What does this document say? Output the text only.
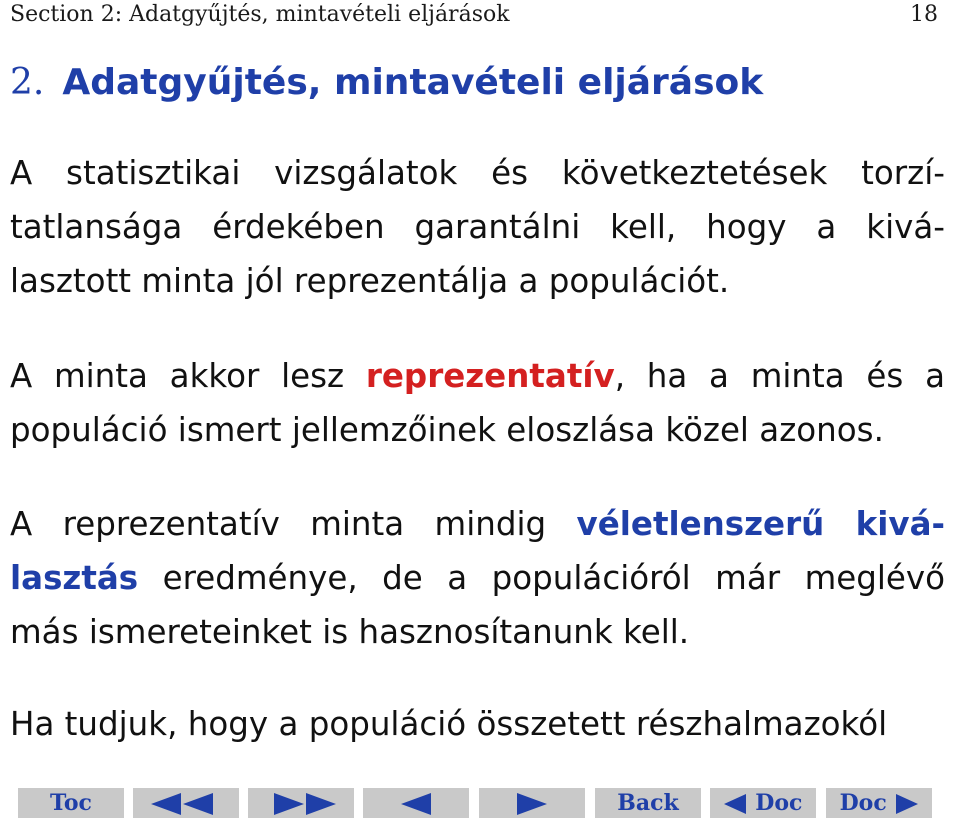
Section 2: Adatgyűjtés, mintavételi eljárások	18
2. Adatgyűjtés, mintavételi eljárások

A statisztikai vizsgálatok és következtetések torzí-
tatlansága érdekében garantálni kell, hogy a kivá-
lasztott minta jól reprezentálja a populációt.

A minta akkor lesz reprezentatív, ha a minta és a
populáció ismert jellemzőinek eloszlása közel azonos.

A reprezentatív minta mindig véletlenszerű kivá-
lasztás eredménye, de a populációról már meglévő
más ismereteinket is hasznosítanunk kell.

Ha tudjuk, hogy a populáció összetett részhalmazokól

Toc	Back	Doc	Doc
